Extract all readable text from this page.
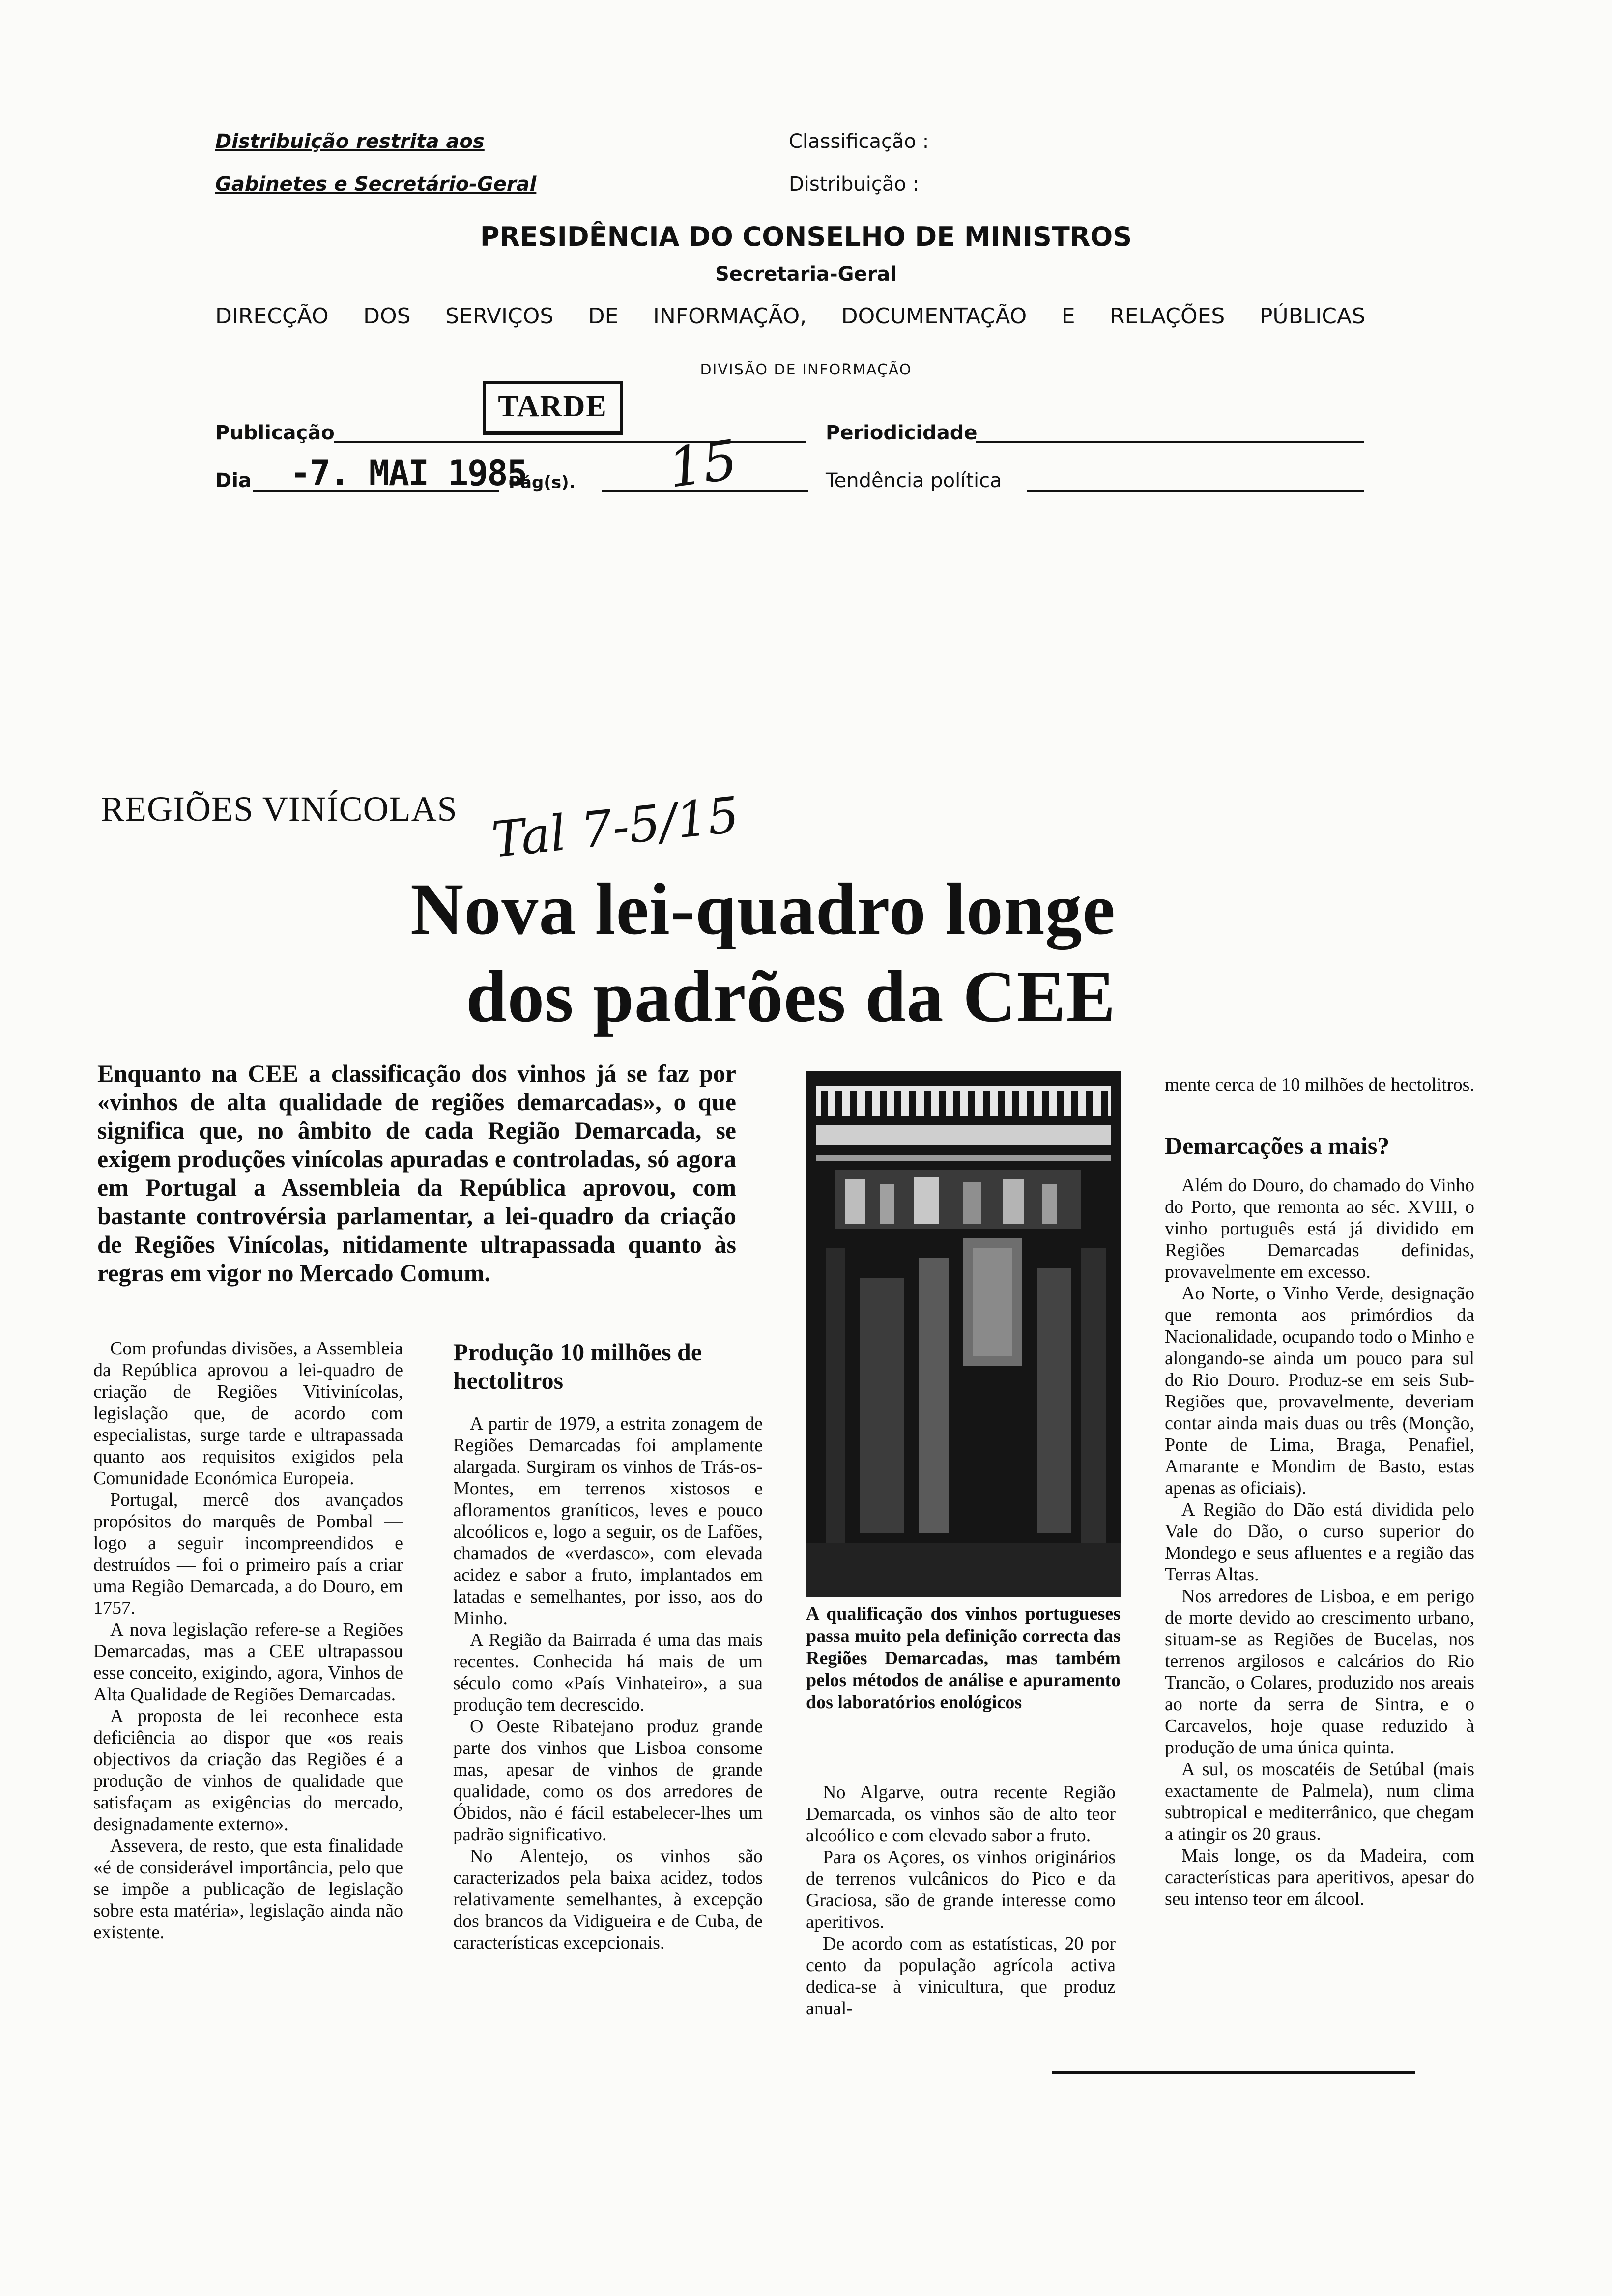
Distribuição restrita aos
Gabinetes e Secretário-Geral
Classificação :
Distribuição :
PRESIDÊNCIA DO CONSELHO DE MINISTROS
Secretaria-Geral
DIRECÇÃO DOS SERVIÇOS DE INFORMAÇÃO, DOCUMENTAÇÃO E RELAÇÕES PÚBLICAS
DIVISÃO DE INFORMAÇÃO
Publicação
TARDE
Periodicidade
Dia -7. MAI 1985
Pág(s). 15	Tendência política
REGIÕES VINÍCOLAS Tal 7-5/15
Nova lei-quadro longe
dos padrões da CEE
Enquanto na CEE a classificação dos vinhos já se faz por «vinhos de alta qualidade de regiões demarcadas», o que significa que, no âmbito de cada Região Demarcada, se exigem produções vinícolas apuradas e controladas, só agora em Portugal a Assembleia da República aprovou, com bastante controvérsia parlamentar, a lei-quadro da criação de Regiões Vinícolas, nitidamente ultrapassada quanto às regras em vigor no Mercado Comum.

Com profundas divisões, a Assembleia da República aprovou a lei-quadro de criação de Regiões Vitivinícolas, legislação que, de acordo com especialistas, surge tarde e ultrapassada quanto aos requisitos exigidos pela Comunidade Económica Europeia.

Portugal, mercê dos avançados propósitos do marquês de Pombal — logo a seguir incompreendidos e destruídos — foi o primeiro país a criar uma Região Demarcada, a do Douro, em 1757.

A nova legislação refere-se a Regiões Demarcadas, mas a CEE ultrapassou esse conceito, exigindo, agora, Vinhos de Alta Qualidade de Regiões Demarcadas.

A proposta de lei reconhece esta deficiência ao dispor que «os reais objectivos da criação das Regiões é a produção de vinhos de qualidade que satisfaçam as exigências do mercado, designadamente externo».

Assevera, de resto, que esta finalidade «é de considerável importância, pelo que se impõe a publicação de legislação sobre esta matéria», legislação ainda não existente.

Produção 10 milhões de hectolitros

A partir de 1979, a estrita zonagem de Regiões Demarcadas foi amplamente alargada. Surgiram os vinhos de Trás-os-Montes, em terrenos xistosos e afloramentos graníticos, leves e pouco alcoólicos e, logo a seguir, os de Lafões, chamados de «verdasco», com elevada acidez e sabor a fruto, implantados em latadas e semelhantes, por isso, aos do Minho.

A Região da Bairrada é uma das mais recentes. Conhecida há mais de um século como «País Vinhateiro», a sua produção tem decrescido.

O Oeste Ribatejano produz grande parte dos vinhos que Lisboa consome mas, apesar de vinhos de grande qualidade, como os dos arredores de Óbidos, não é fácil estabelecer-lhes um padrão significativo.

No Alentejo, os vinhos são caracterizados pela baixa acidez, todos relativamente semelhantes, à excepção dos brancos da Vidigueira e de Cuba, de características excepcionais.

A qualificação dos vinhos portugueses passa muito pela definição correcta das Regiões Demarcadas, mas também pelos métodos de análise e apuramento dos laboratórios enológicos

No Algarve, outra recente Região Demarcada, os vinhos são de alto teor alcoólico e com elevado sabor a fruto.

Para os Açores, os vinhos originários de terrenos vulcânicos do Pico e da Graciosa, são de grande interesse como aperitivos.

De acordo com as estatísticas, 20 por cento da população agrícola activa dedica-se à vinicultura, que produz anual-

mente cerca de 10 milhões de hectolitros.

Demarcações a mais?

Além do Douro, do chamado do Vinho do Porto, que remonta ao séc. XVIII, o vinho português está já dividido em Regiões Demarcadas definidas, provavelmente em excesso.

Ao Norte, o Vinho Verde, designação que remonta aos primórdios da Nacionalidade, ocupando todo o Minho e alongando-se ainda um pouco para sul do Rio Douro. Produz-se em seis Sub-Regiões que, provavelmente, deveriam contar ainda mais duas ou três (Monção, Ponte de Lima, Braga, Penafiel, Amarante e Mondim de Basto, estas apenas as oficiais).

A Região do Dão está dividida pelo Vale do Dão, o curso superior do Mondego e seus afluentes e a região das Terras Altas.

Nos arredores de Lisboa, e em perigo de morte devido ao crescimento urbano, situam-se as Regiões de Bucelas, nos terrenos argilosos e calcários do Rio Trancão, o Colares, produzido nos areais ao norte da serra de Sintra, e o Carcavelos, hoje quase reduzido à produção de uma única quinta.

A sul, os moscatéis de Setúbal (mais exactamente de Palmela), num clima subtropical e mediterrânico, que chegam a atingir os 20 graus.

Mais longe, os da Madeira, com características para aperitivos, apesar do seu intenso teor em álcool.
